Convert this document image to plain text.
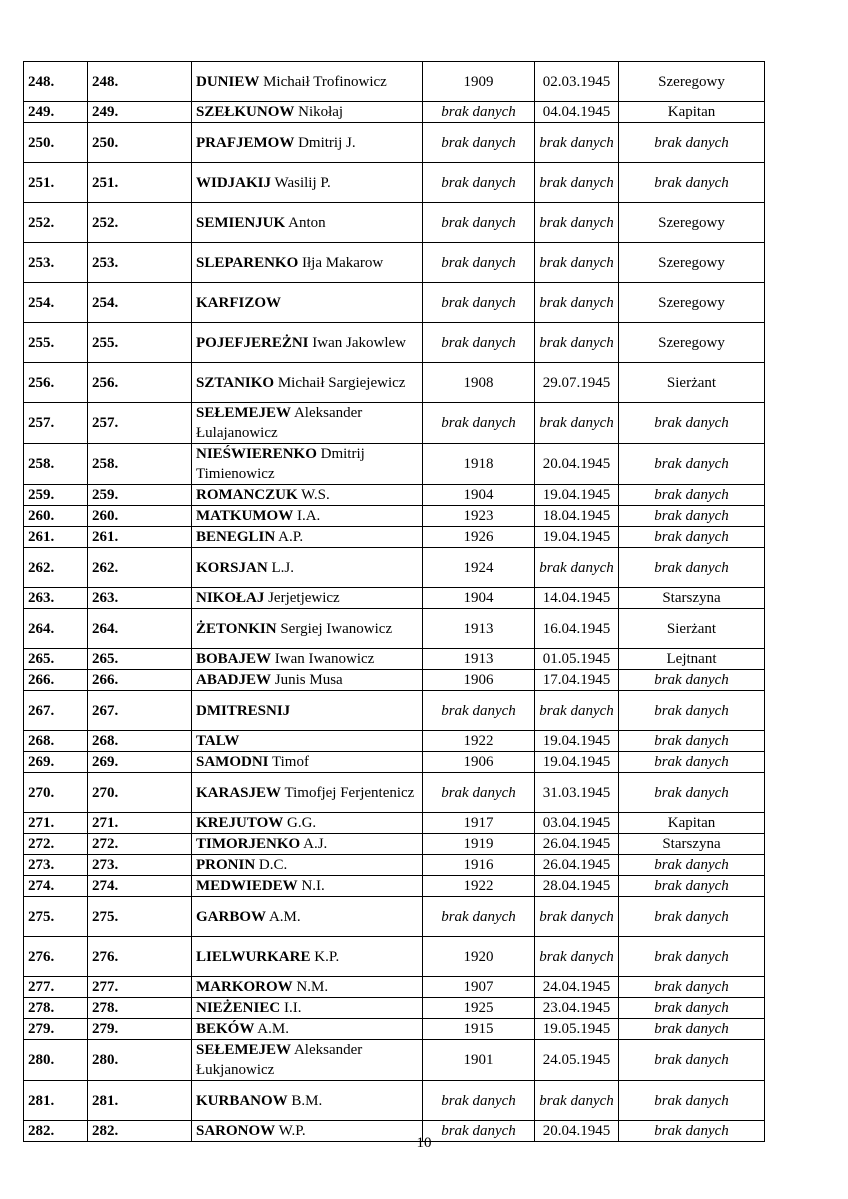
248.	248.	DUNIEW Michaił Trofinowicz	1909	02.03.1945	Szeregowy
249.	249.	SZEŁKUNOW Nikołaj	brak danych	04.04.1945	Kapitan
250.	250.	PRAFJEMOW Dmitrij J.	brak danych	brak danych	brak danych
251.	251.	WIDJAKIJ Wasilij P.	brak danych	brak danych	brak danych
252.	252.	SEMIENJUK Anton	brak danych	brak danych	Szeregowy
253.	253.	SLEPARENKO Iłja Makarow	brak danych	brak danych	Szeregowy
254.	254.	KARFIZOW	brak danych	brak danych	Szeregowy
255.	255.	POJEFJEREŻNI Iwan Jakowlew	brak danych	brak danych	Szeregowy
256.	256.	SZTANIKO Michaił Sargiejewicz	1908	29.07.1945	Sierżant
257.	257.	SEŁEMEJEW Aleksander Łulajanowicz	brak danych	brak danych	brak danych
258.	258.	NIEŚWIERENKO Dmitrij Timienowicz	1918	20.04.1945	brak danych
259.	259.	ROMANCZUK W.S.	1904	19.04.1945	brak danych
260.	260.	MATKUMOW I.A.	1923	18.04.1945	brak danych
261.	261.	BENEGLIN A.P.	1926	19.04.1945	brak danych
262.	262.	KORSJAN L.J.	1924	brak danych	brak danych
263.	263.	NIKOŁAJ Jerjetjewicz	1904	14.04.1945	Starszyna
264.	264.	ŻETONKIN Sergiej Iwanowicz	1913	16.04.1945	Sierżant
265.	265.	BOBAJEW Iwan Iwanowicz	1913	01.05.1945	Lejtnant
266.	266.	ABADJEW Junis Musa	1906	17.04.1945	brak danych
267.	267.	DMITRESNIJ	brak danych	brak danych	brak danych
268.	268.	TALW	1922	19.04.1945	brak danych
269.	269.	SAMODNI Timof	1906	19.04.1945	brak danych
270.	270.	KARASJEW Timofjej Ferjentenicz	brak danych	31.03.1945	brak danych
271.	271.	KREJUTOW G.G.	1917	03.04.1945	Kapitan
272.	272.	TIMORJENKO A.J.	1919	26.04.1945	Starszyna
273.	273.	PRONIN D.C.	1916	26.04.1945	brak danych
274.	274.	MEDWIEDEW N.I.	1922	28.04.1945	brak danych
275.	275.	GARBOW A.M.	brak danych	brak danych	brak danych
276.	276.	LIELWURKARE K.P.	1920	brak danych	brak danych
277.	277.	MARKOROW N.M.	1907	24.04.1945	brak danych
278.	278.	NIEŻENIEC I.I.	1925	23.04.1945	brak danych
279.	279.	BEKÓW A.M.	1915	19.05.1945	brak danych
280.	280.	SEŁEMEJEW Aleksander Łukjanowicz	1901	24.05.1945	brak danych
281.	281.	KURBANOW B.M.	brak danych	brak danych	brak danych
282.	282.	SARONOW W.P.	brak danych	20.04.1945	brak danych
10
